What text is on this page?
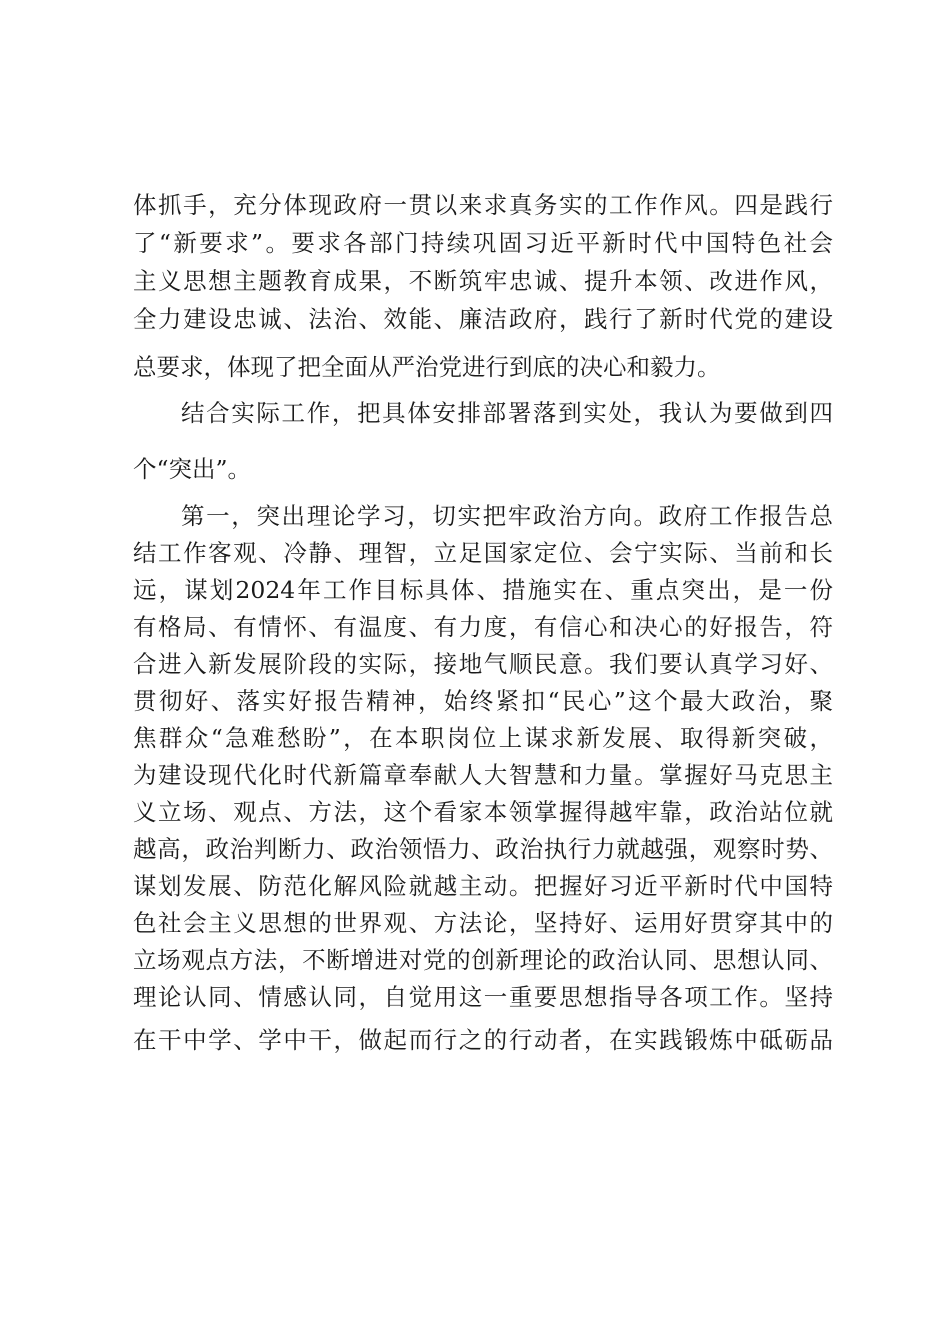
体抓手，充分体现政府一贯以来求真务实的工作作风。四是践行
了“新要求”。要求各部门持续巩固习近平新时代中国特色社会
主义思想主题教育成果，不断筑牢忠诚、提升本领、改进作风，
全力建设忠诚、法治、效能、廉洁政府，践行了新时代党的建设
总要求，体现了把全面从严治党进行到底的决心和毅力。
结合实际工作，把具体安排部署落到实处，我认为要做到四
个“突出”。
第一，突出理论学习，切实把牢政治方向。政府工作报告总
结工作客观、冷静、理智，立足国家定位、会宁实际、当前和长
远，谋划2024年工作目标具体、措施实在、重点突出，是一份
有格局、有情怀、有温度、有力度，有信心和决心的好报告，符
合进入新发展阶段的实际，接地气顺民意。我们要认真学习好、
贯彻好、落实好报告精神，始终紧扣“民心”这个最大政治，聚
焦群众“急难愁盼”，在本职岗位上谋求新发展、取得新突破，
为建设现代化时代新篇章奉献人大智慧和力量。掌握好马克思主
义立场、观点、方法，这个看家本领掌握得越牢靠，政治站位就
越高，政治判断力、政治领悟力、政治执行力就越强，观察时势、
谋划发展、防范化解风险就越主动。把握好习近平新时代中国特
色社会主义思想的世界观、方法论，坚持好、运用好贯穿其中的
立场观点方法，不断增进对党的创新理论的政治认同、思想认同、
理论认同、情感认同，自觉用这一重要思想指导各项工作。坚持
在干中学、学中干，做起而行之的行动者，在实践锻炼中砥砺品
